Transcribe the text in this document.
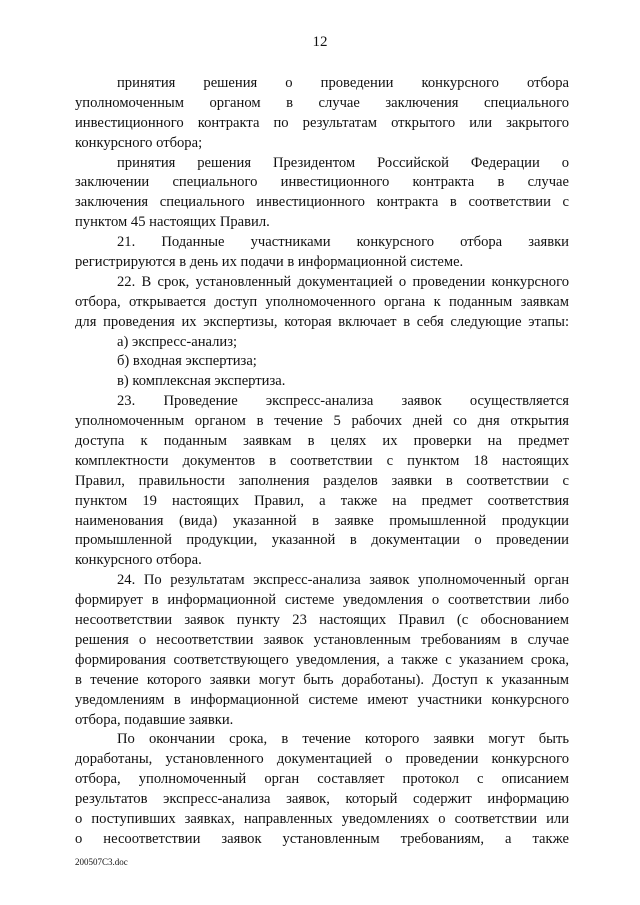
12
принятия решения о проведении конкурсного отбора
уполномоченным органом в случае заключения специального
инвестиционного контракта по результатам открытого или закрытого
конкурсного отбора;
принятия решения Президентом Российской Федерации о
заключении специального инвестиционного контракта в случае
заключения специального инвестиционного контракта в соответствии с
пунктом 45 настоящих Правил.
21. Поданные участниками конкурсного отбора заявки
регистрируются в день их подачи в информационной системе.
22. В срок, установленный документацией о проведении конкурсного
отбора, открывается доступ уполномоченного органа к поданным заявкам
для проведения их экспертизы, которая включает в себя следующие этапы:
а) экспресс-анализ;
б) входная экспертиза;
в) комплексная экспертиза.
23. Проведение экспресс-анализа заявок осуществляется
уполномоченным органом в течение 5 рабочих дней со дня открытия
доступа к поданным заявкам в целях их проверки на предмет
комплектности документов в соответствии с пунктом 18 настоящих
Правил, правильности заполнения разделов заявки в соответствии с
пунктом 19 настоящих Правил, а также на предмет соответствия
наименования (вида) указанной в заявке промышленной продукции
промышленной продукции, указанной в документации о проведении
конкурсного отбора.
24. По результатам экспресс-анализа заявок уполномоченный орган
формирует в информационной системе уведомления о соответствии либо
несоответствии заявок пункту 23 настоящих Правил (с обоснованием
решения о несоответствии заявок установленным требованиям в случае
формирования соответствующего уведомления, а также с указанием срока,
в течение которого заявки могут быть доработаны). Доступ к указанным
уведомлениям в информационной системе имеют участники конкурсного
отбора, подавшие заявки.
По окончании срока, в течение которого заявки могут быть
доработаны, установленного документацией о проведении конкурсного
отбора, уполномоченный орган составляет протокол с описанием
результатов экспресс-анализа заявок, который содержит информацию
о поступивших заявках, направленных уведомлениях о соответствии или
о несоответствии заявок установленным требованиям, а также
200507C3.doc
